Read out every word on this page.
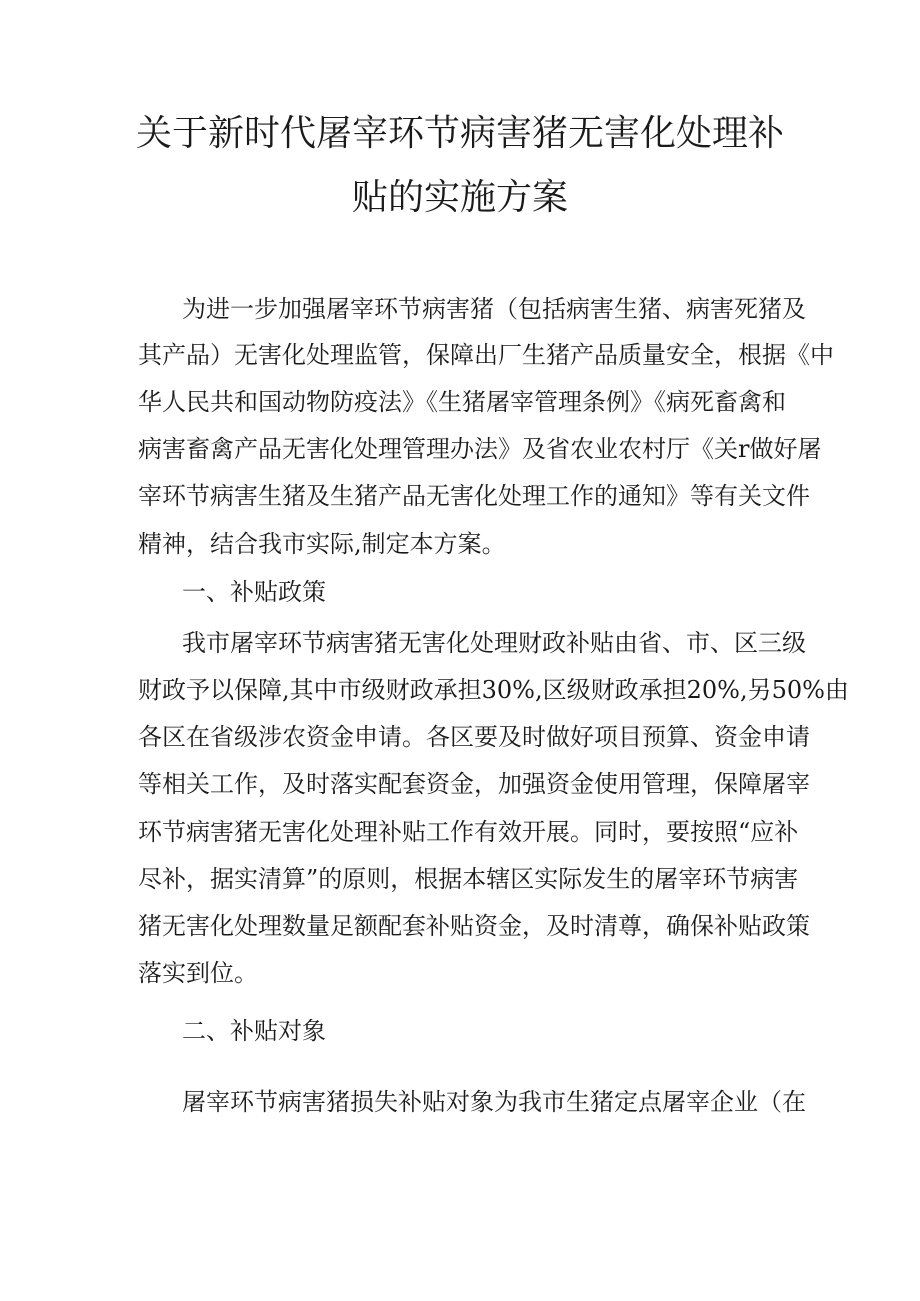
关于新时代屠宰环节病害猪无害化处理补
贴的实施方案

为进一步加强屠宰环节病害猪（包括病害生猪、病害死猪及

其产品）无害化处理监管，保障出厂生猪产品质量安全，根据《中

华人民共和国动物防疫法》《生猪屠宰管理条例》《病死畜禽和

病害畜禽产品无害化处理管理办法》及省农业农村厅《关r做好屠

宰环节病害生猪及生猪产品无害化处理工作的通知》等有关文件

精神，结合我市实际,制定本方案。

一、补贴政策

我市屠宰环节病害猪无害化处理财政补贴由省、市、区三级

财政予以保障,其中市级财政承担30%,区级财政承担20%,另50%由

各区在省级涉农资金申请。各区要及时做好项目预算、资金申请

等相关工作，及时落实配套资金，加强资金使用管理，保障屠宰

环节病害猪无害化处理补贴工作有效开展。同时，要按照“应补

尽补，据实清算”的原则，根据本辖区实际发生的屠宰环节病害

猪无害化处理数量足额配套补贴资金，及时清尊，确保补贴政策

落实到位。

二、补贴对象

屠宰环节病害猪损失补贴对象为我市生猪定点屠宰企业（在
